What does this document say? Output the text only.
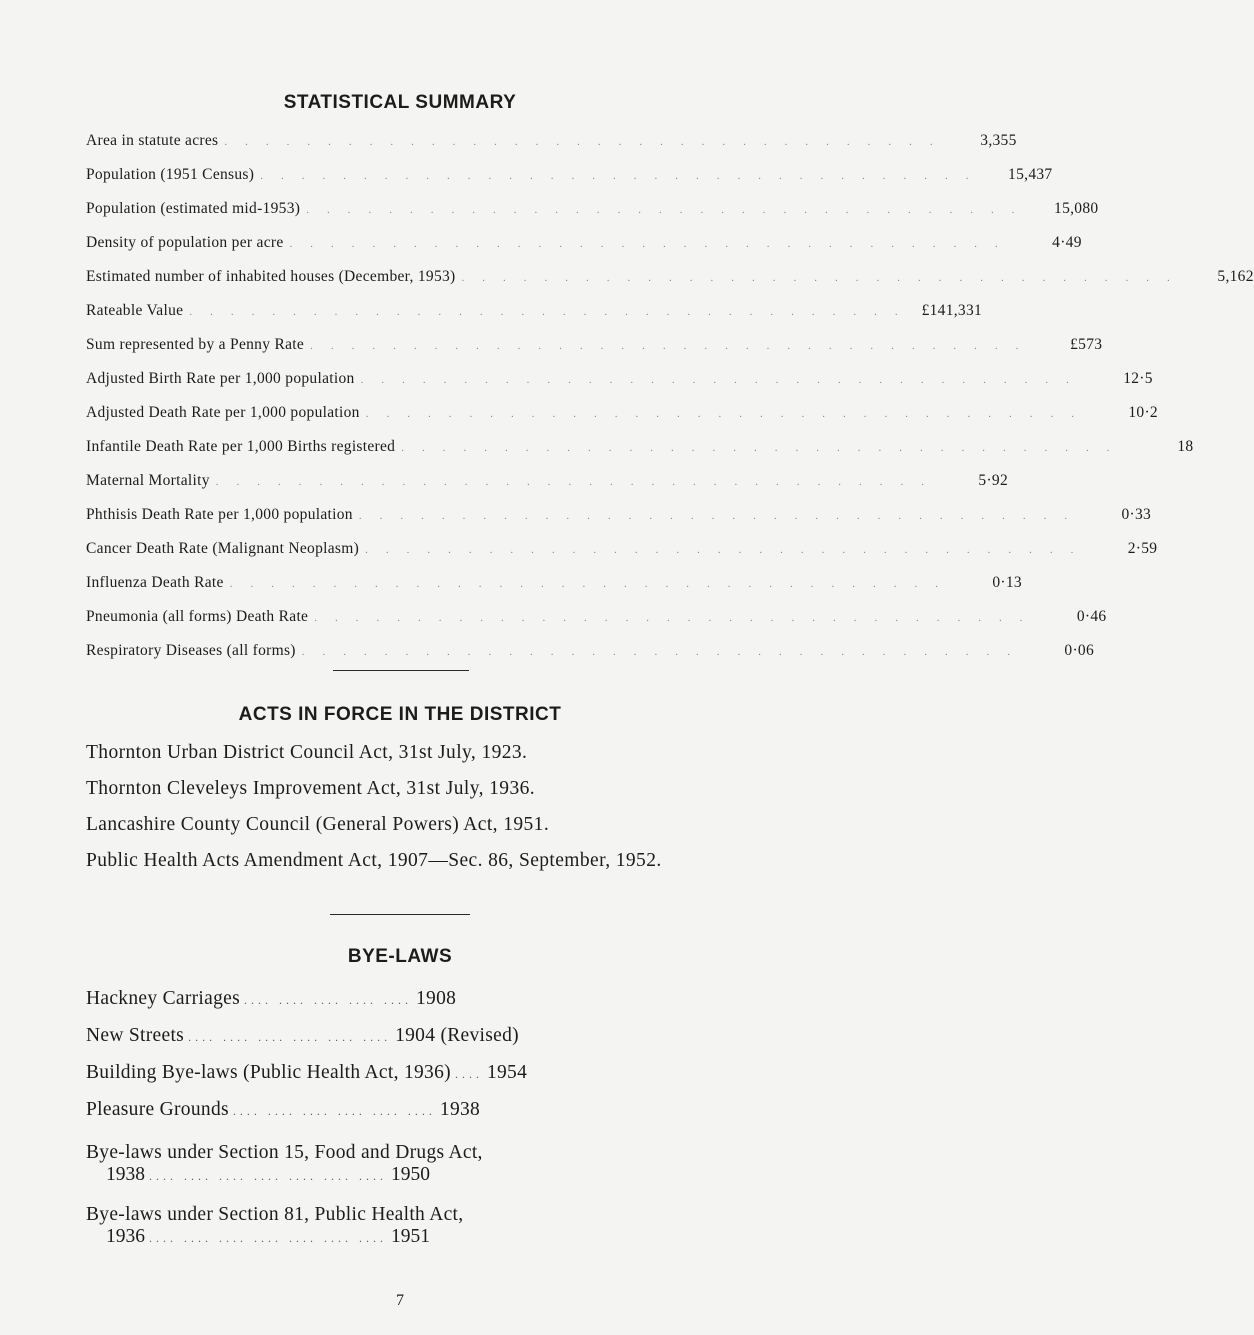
STATISTICAL SUMMARY
Area in statute acres ...................................	3,355
Population (1951 Census) ...................................	15,437
Population (estimated mid-1953) ...................................	15,080
Density of population per acre ...................................	4·49
Estimated number of inhabited houses (December, 1953) ...................................	5,162
Rateable Value ................................... £141,331
Sum represented by a Penny Rate ...................................	£573
Adjusted Birth Rate per 1,000 population ...................................	12·5
Adjusted Death Rate per 1,000 population ...................................	10·2
Infantile Death Rate per 1,000 Births registered ...................................	18
Maternal Mortality ...................................	5·92
Phthisis Death Rate per 1,000 population ...................................	0·33
Cancer Death Rate (Malignant Neoplasm) ...................................	2·59
Influenza Death Rate ...................................	0·13
Pneumonia (all forms) Death Rate ...................................	0·46
Respiratory Diseases (all forms) ...................................	0·06
ACTS IN FORCE IN THE DISTRICT
Thornton Urban District Council Act, 31st July, 1923.
Thornton Cleveleys Improvement Act, 31st July, 1936.
Lancashire County Council (General Powers) Act, 1951.
Public Health Acts Amendment Act, 1907—Sec. 86, September, 1952.
BYE-LAWS
Hackney Carriages .... .... .... .... .... 1908
New Streets .... .... .... .... .... .... 1904 (Revised)
Building Bye-laws (Public Health Act, 1936) .... 1954
Pleasure Grounds .... .... .... .... .... .... 1938
Bye-laws under Section 15, Food and Drugs Act,
1938 .... .... .... .... .... .... .... 1950
Bye-laws under Section 81, Public Health Act,
1936 .... .... .... .... .... .... .... 1951
7
